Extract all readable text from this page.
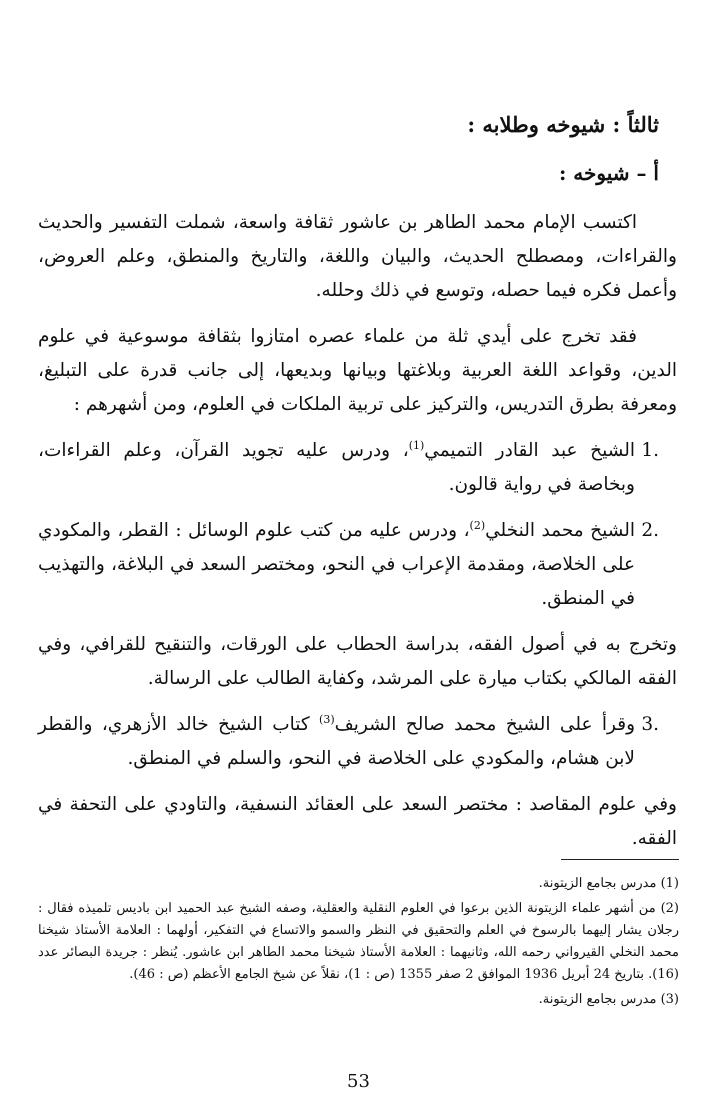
ثالثاً : شيوخه وطلابه :
أ – شيوخه :

اكتسب الإمام محمد الطاهر بن عاشور ثقافة واسعة، شملت التفسير والحديث والقراءات، ومصطلح الحديث، والبيان واللغة، والتاريخ والمنطق، وعلم العروض، وأعمل فكره فيما حصله، وتوسع في ذلك وحلله.

فقد تخرج على أيدي ثلة من علماء عصره امتازوا بثقافة موسوعية في علوم الدين، وقواعد اللغة العربية وبلاغتها وبيانها وبديعها، إلى جانب قدرة على التبليغ، ومعرفة بطرق التدريس، والتركيز على تربية الملكات في العلوم، ومن أشهرهم :

1.
الشيخ عبد القادر التميمي$^{(1)}$، ودرس عليه تجويد القرآن، وعلم القراءات، وبخاصة في رواية قالون.
2.
الشيخ محمد النخلي$^{(2)}$، ودرس عليه من كتب علوم الوسائل : القطر، والمكودي على الخلاصة، ومقدمة الإعراب في النحو، ومختصر السعد في البلاغة، والتهذيب في المنطق.

وتخرج به في أصول الفقه، بدراسة الحطاب على الورقات، والتنقيح للقرافي، وفي الفقه المالكي بكتاب ميارة على المرشد، وكفاية الطالب على الرسالة.

3.
وقرأ على الشيخ محمد صالح الشريف$^{(3)}$ كتاب الشيخ خالد الأزهري، والقطر لابن هشام، والمكودي على الخلاصة في النحو، والسلم في المنطق.

وفي علوم المقاصد : مختصر السعد على العقائد النسفية، والتاودي على التحفة في الفقه.

(1) مدرس بجامع الزيتونة.
(2) من أشهر علماء الزيتونة الذين برعوا في العلوم النقلية والعقلية، وصفه الشيخ عبد الحميد ابن باديس تلميذه فقال : رجلان يشار إليهما بالرسوخ في العلم والتحقيق في النظر والسمو والاتساع في التفكير، أولهما : العلامة الأستاذ شيخنا محمد النخلي القيرواني رحمه الله، وثانيهما : العلامة الأستاذ شيخنا محمد الطاهر ابن عاشور. يُنظر : جريدة البصائر عدد (16). بتاريخ 24 أبريل 1936 الموافق 2 صفر 1355 (ص : 1)، نقلاً عن شيخ الجامع الأعظم (ص : 46).
(3) مدرس بجامع الزيتونة.
53
